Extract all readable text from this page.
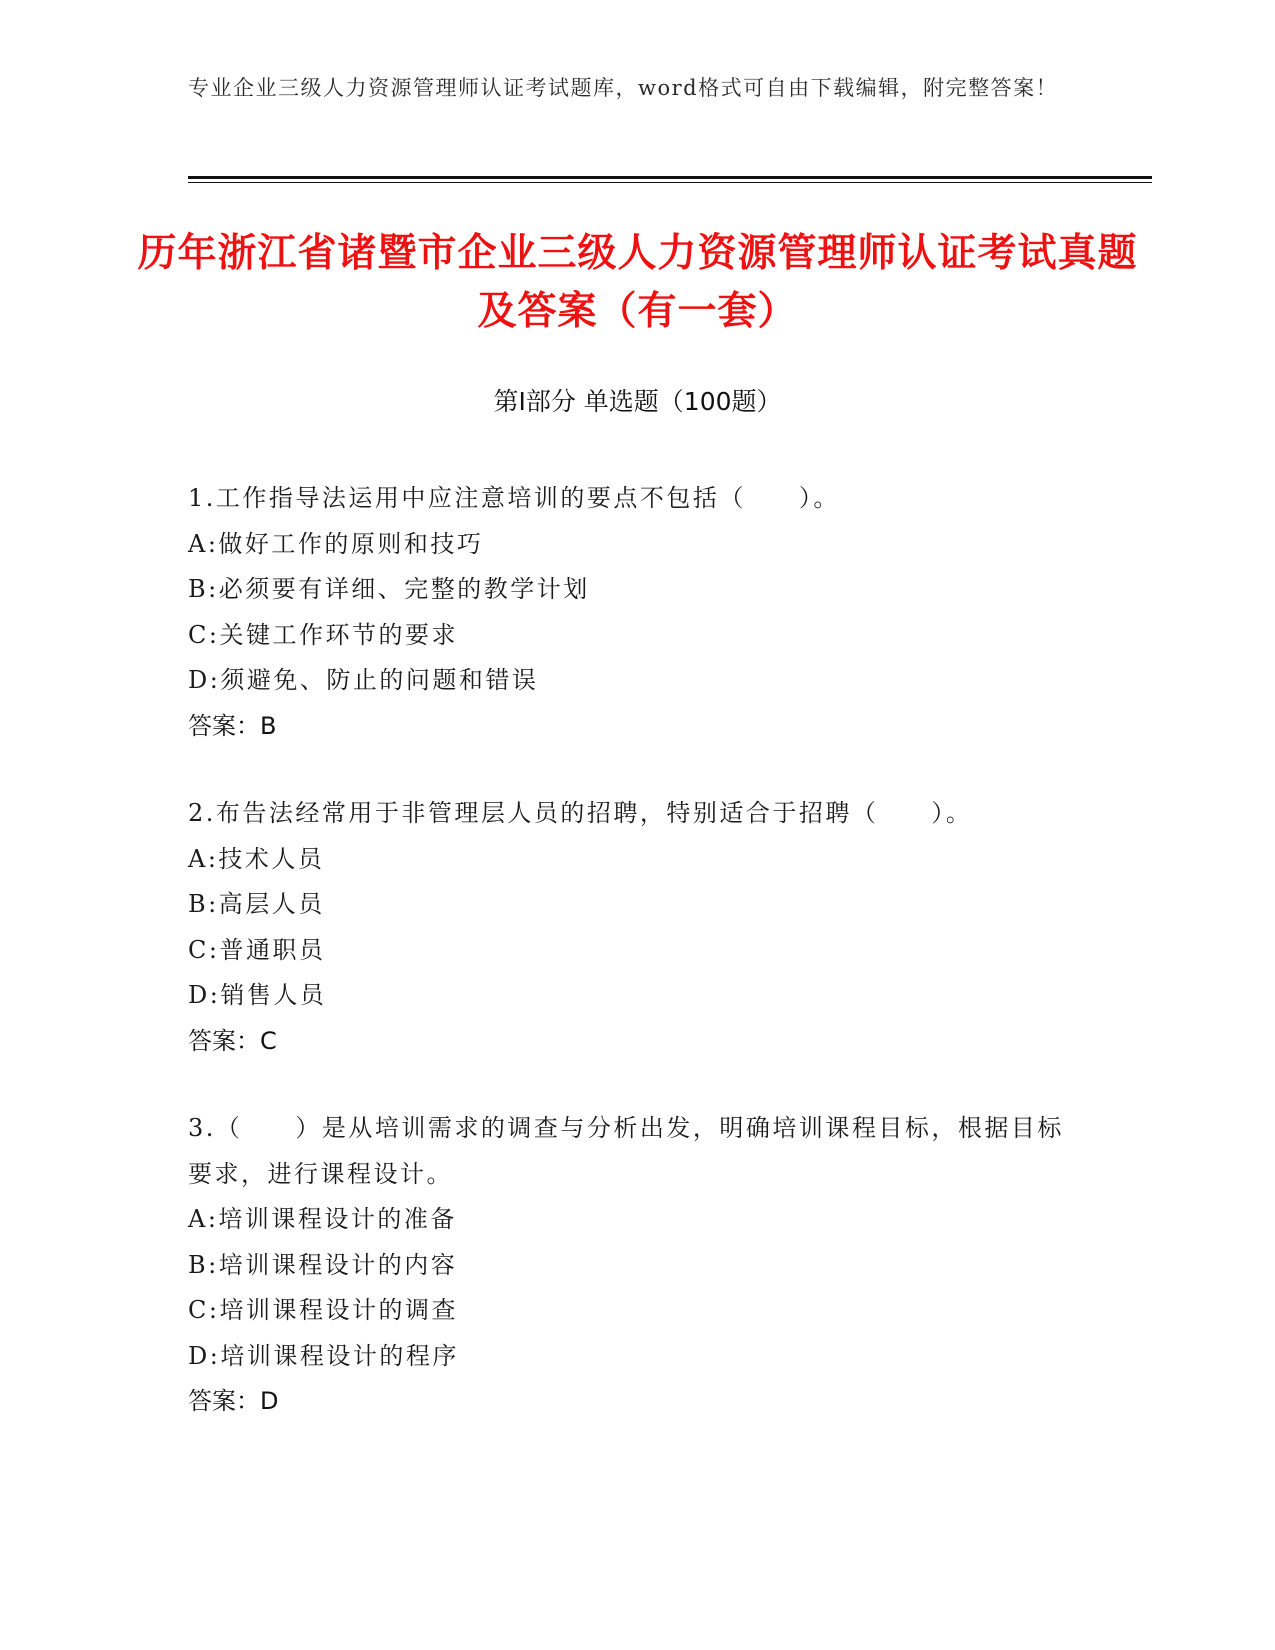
专业企业三级人力资源管理师认证考试题库，word格式可自由下载编辑，附完整答案！
历年浙江省诸暨市企业三级人力资源管理师认证考试真题及答案（有一套）
第Ⅰ部分 单选题（100题）
1.工作指导法运用中应注意培训的要点不包括（　　）。
A:做好工作的原则和技巧
B:必须要有详细、完整的教学计划
C:关键工作环节的要求
D:须避免、防止的问题和错误
答案：B
2.布告法经常用于非管理层人员的招聘，特别适合于招聘（　　）。
A:技术人员
B:高层人员
C:普通职员
D:销售人员
答案：C
3.（　　）是从培训需求的调查与分析出发，明确培训课程目标，根据目标要求，进行课程设计。
A:培训课程设计的准备
B:培训课程设计的内容
C:培训课程设计的调查
D:培训课程设计的程序
答案：D
